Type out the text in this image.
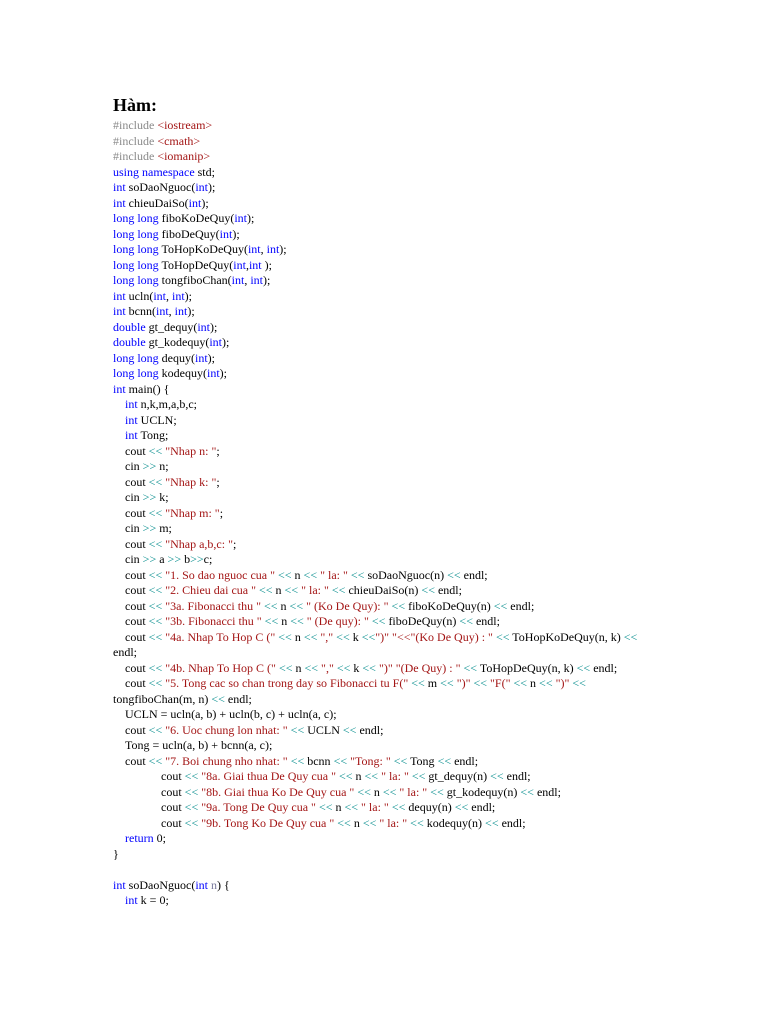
Hàm:
#include <iostream>
#include <cmath>
#include <iomanip>
using namespace std;
int soDaoNguoc(int);
int chieuDaiSo(int);
long long fiboKoDeQuy(int);
long long fiboDeQuy(int);
long long ToHopKoDeQuy(int, int);
long long ToHopDeQuy(int,int );
long long tongfiboChan(int, int);
int ucln(int, int);
int bcnn(int, int);
double gt_dequy(int);
double gt_kodequy(int);
long long dequy(int);
long long kodequy(int);
int main() {
int n,k,m,a,b,c;
int UCLN;
int Tong;
cout << "Nhap n: ";
cin >> n;
cout << "Nhap k: ";
cin >> k;
cout << "Nhap m: ";
cin >> m;
cout << "Nhap a,b,c: ";
cin >> a >> b>>c;
cout << "1. So dao nguoc cua " << n << " la: " << soDaoNguoc(n) << endl;
cout << "2. Chieu dai cua " << n << " la: " << chieuDaiSo(n) << endl;
cout << "3a. Fibonacci thu " << n << " (Ko De Quy): " << fiboKoDeQuy(n) << endl;
cout << "3b. Fibonacci thu " << n << " (De quy): " << fiboDeQuy(n) << endl;
cout << "4a. Nhap To Hop C (" << n << "," << k <<")" "<<"(Ko De Quy) : " << ToHopKoDeQuy(n, k) << endl;
cout << "4b. Nhap To Hop C (" << n << "," << k << ")" "(De Quy) : " << ToHopDeQuy(n, k) << endl;
cout << "5. Tong cac so chan trong day so Fibonacci tu F(" << m << ")" << "F(" << n << ")" << tongfiboChan(m, n) << endl;
UCLN = ucln(a, b) + ucln(b, c) + ucln(a, c);
cout << "6. Uoc chung lon nhat: " << UCLN << endl;
Tong = ucln(a, b) + bcnn(a, c);
cout << "7. Boi chung nho nhat: " << bcnn << "Tong: " << Tong << endl;
cout << "8a. Giai thua De Quy cua " << n << " la: " << gt_dequy(n) << endl;
cout << "8b. Giai thua Ko De Quy cua " << n << " la: " << gt_kodequy(n) << endl;
cout << "9a. Tong De Quy cua " << n << " la: " << dequy(n) << endl;
cout << "9b. Tong Ko De Quy cua " << n << " la: " << kodequy(n) << endl;
return 0;
}

int soDaoNguoc(int n) {
int k = 0;
